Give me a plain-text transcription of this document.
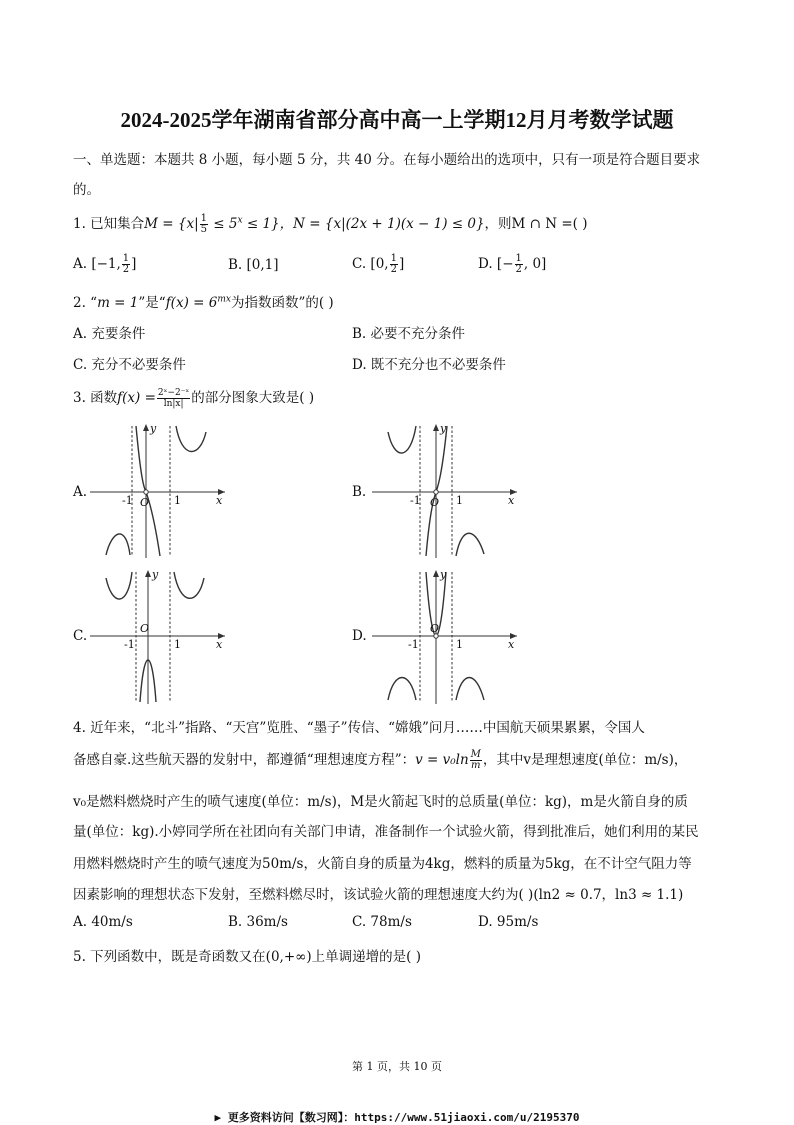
2024-2025学年湖南省部分高中高一上学期12月月考数学试题
一、单选题：本题共 8 小题，每小题 5 分，共 40 分。在每小题给出的选项中，只有一项是符合题目要求
的。
1. 已知集合$M = \{x| \frac{1}{5} \le 5^x \le 1\}$，N = {x|(2x + 1)(x − 1) ≤ 0}，则M ∩ N =( )
A. [−1, $\frac{1}{2}$ ]	B. [0,1]	C. [0, $\frac{1}{2}$ ]	D. [− $\frac{1}{2}$ , 0]
2. “m = 1”是“$f(x) = 6^{mx}$为指数函数”的( )
A. 充要条件	B. 必要不充分条件
C. 充分不必要条件	D. 既不充分也不必要条件
3. 函数$f(x) = \frac{\text{2ˣ−2⁻ˣ}}{\ln|x|}$ 的部分图象大致是( )
A.
y
x
O
-1	1
B.
y
x
O
-1	1
C.
y
x
O
-1	1
D.
y
x
O
-1	1
4. 近年来，“北斗”指路、“天宫”览胜、“墨子”传信、“嫦娥”问月……中国航天硕果累累，令国人
备感自豪.这些航天器的发射中，都遵循“理想速度方程”：$v = v_0\ln \frac{M}{m}$ ，其中v是理想速度(单位：m/s)，
v₀是燃料燃烧时产生的喷气速度(单位：m/s)，M是火箭起飞时的总质量(单位：kg)，m是火箭自身的质
量(单位：kg).小婷同学所在社团向有关部门申请，准备制作一个试验火箭，得到批准后，她们利用的某民
用燃料燃烧时产生的喷气速度为50m/s，火箭自身的质量为4kg，燃料的质量为5kg，在不计空气阻力等
因素影响的理想状态下发射，至燃料燃尽时，该试验火箭的理想速度大约为( )(ln2 ≈ 0.7，ln3 ≈ 1.1)
A. 40m/s	B. 36m/s	C. 78m/s	D. 95m/s
5. 下列函数中，既是奇函数又在(0,+∞)上单调递增的是( )
第 1 页，共 10 页
▶ 更多资料访问【数习网】：https://www.51jiaoxi.com/u/2195370
